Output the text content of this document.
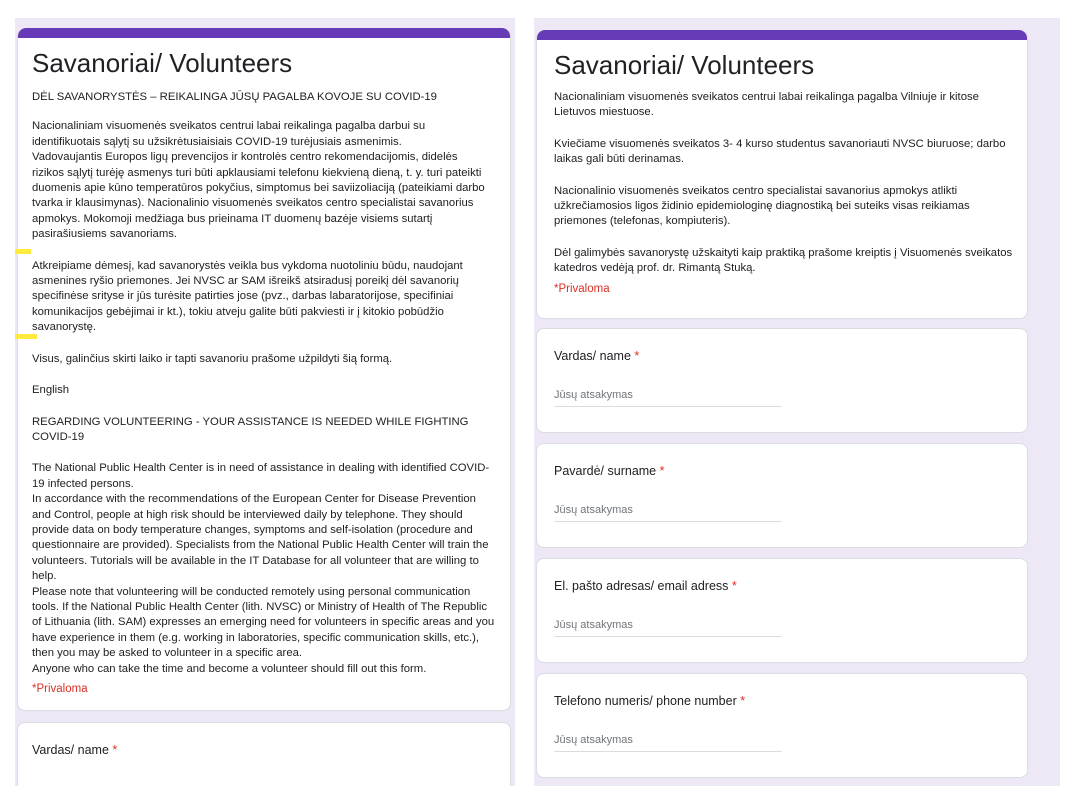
Savanoriai/ Volunteers

DĖL SAVANORYSTĖS – REIKALINGA JŪSŲ PAGALBA KOVOJE SU COVID-19

Nacionaliniam visuomenės sveikatos centrui labai reikalinga pagalba darbui su
identifikuotais sąlytį su užsikrėtusiaisiais COVID-19 turėjusiais asmenimis.
Vadovaujantis Europos ligų prevencijos ir kontrolės centro rekomendacijomis, didelės
rizikos sąlytį turėję asmenys turi būti apklausiami telefonu kiekvieną dieną, t. y. turi pateikti
duomenis apie kūno temperatūros pokyčius, simptomus bei saviizoliaciją (pateikiami darbo
tvarka ir klausimynas). Nacionalinio visuomenės sveikatos centro specialistai savanorius
apmokys. Mokomoji medžiaga bus prieinama IT duomenų bazėje visiems sutartį
pasirašiusiems savanoriams.

Atkreipiame dėmesį, kad savanorystės veikla bus vykdoma nuotoliniu būdu, naudojant
asmenines ryšio priemones. Jei NVSC ar SAM išreikš atsiradusį poreikį dėl savanorių
specifinėse srityse ir jūs turėsite patirties jose (pvz., darbas labaratorijose, specifiniai
komunikacijos gebėjimai ir kt.), tokiu atveju galite būti pakviesti ir į kitokio pobūdžio
savanorystę.

Visus, galinčius skirti laiko ir tapti savanoriu prašome užpildyti šią formą.

English

REGARDING VOLUNTEERING - YOUR ASSISTANCE IS NEEDED WHILE FIGHTING COVID-19

The National Public Health Center is in need of assistance in dealing with identified COVID-
19 infected persons.
In accordance with the recommendations of the European Center for Disease Prevention
and Control, people at high risk should be interviewed daily by telephone. They should
provide data on body temperature changes, symptoms and self-isolation (procedure and
questionnaire are provided). Specialists from the National Public Health Center will train the
volunteers. Tutorials will be available in the IT Database for all volunteer that are willing to
help.
Please note that volunteering will be conducted remotely using personal communication
tools. If the National Public Health Center (lith. NVSC) or Ministry of Health of The Republic
of Lithuania (lith. SAM) expresses an emerging need for volunteers in specific areas and you
have experience in them (e.g. working in laboratories, specific communication skills, etc.),
then you may be asked to volunteer in a specific area.
Anyone who can take the time and become a volunteer should fill out this form.

*Privaloma
Vardas/ name *
Savanoriai/ Volunteers

Nacionaliniam visuomenės sveikatos centrui labai reikalinga pagalba Vilniuje ir kitose
Lietuvos miestuose.

Kviečiame visuomenės sveikatos 3- 4 kurso studentus savanoriauti NVSC biuruose; darbo
laikas gali būti derinamas.

Nacionalinio visuomenės sveikatos centro specialistai savanorius apmokys atlikti
užkrečiamosios ligos židinio epidemiologinę diagnostiką bei suteiks visas reikiamas
priemones (telefonas, kompiuteris).

Dėl galimybės savanorystę užskaityti kaip praktiką prašome kreiptis į Visuomenės sveikatos
katedros vedėją prof. dr. Rimantą Stuką.

*Privaloma
Vardas/ name *
Jūsų atsakymas
Pavardė/ surname *
Jūsų atsakymas
El. pašto adresas/ email adress *
Jūsų atsakymas
Telefono numeris/ phone number *
Jūsų atsakymas
